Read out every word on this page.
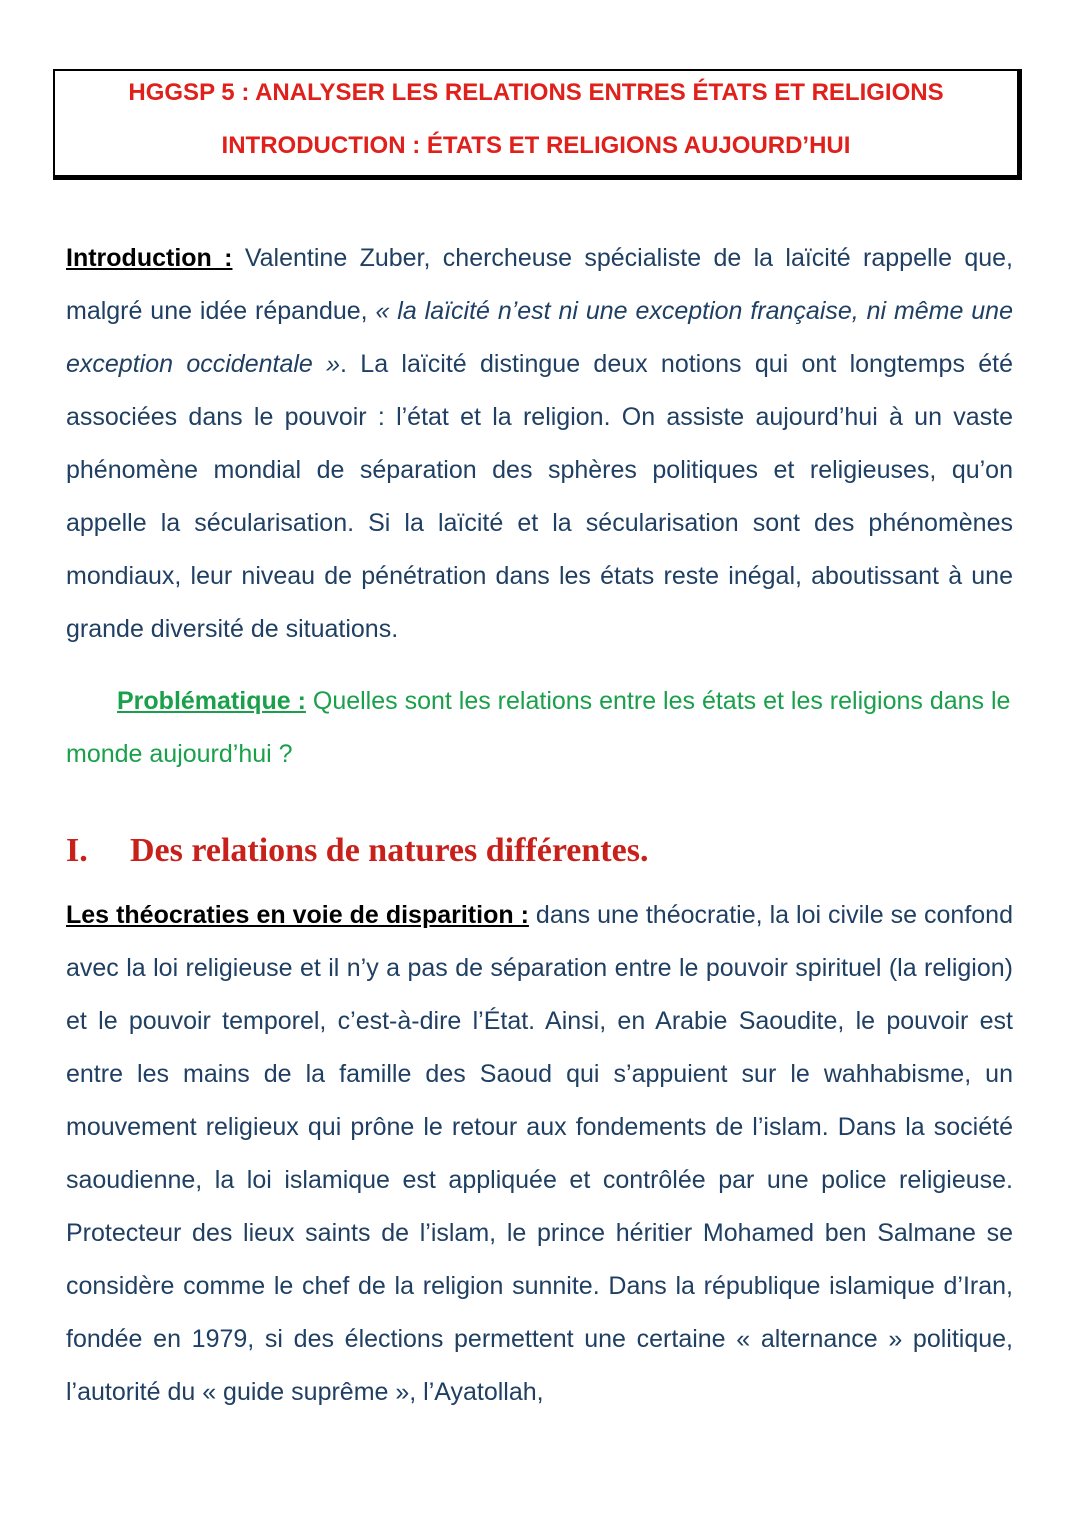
HGGSP 5 : ANALYSER LES RELATIONS ENTRES ÉTATS ET RELIGIONS
INTRODUCTION : ÉTATS ET RELIGIONS AUJOURD’HUI

Introduction : Valentine Zuber, chercheuse spécialiste de la laïcité rappelle que, malgré une idée répandue, « la laïcité n’est ni une exception française, ni même une exception occidentale ». La laïcité distingue deux notions qui ont longtemps été associées dans le pouvoir : l’état et la religion. On assiste aujourd’hui à un vaste phénomène mondial de séparation des sphères politiques et religieuses, qu’on appelle la sécularisation. Si la laïcité et la sécularisation sont des phénomènes mondiaux, leur niveau de pénétration dans les états reste inégal, aboutissant à une grande diversité de situations.

Problématique : Quelles sont les relations entre les états et les religions dans le monde aujourd’hui ?

I. Des relations de natures différentes.

Les théocraties en voie de disparition : dans une théocratie, la loi civile se confond avec la loi religieuse et il n’y a pas de séparation entre le pouvoir spirituel (la religion) et le pouvoir temporel, c’est-à-dire l’État. Ainsi, en Arabie Saoudite, le pouvoir est entre les mains de la famille des Saoud qui s’appuient sur le wahhabisme, un mouvement religieux qui prône le retour aux fondements de l’islam. Dans la société saoudienne, la loi islamique est appliquée et contrôlée par une police religieuse. Protecteur des lieux saints de l’islam, le prince héritier Mohamed ben Salmane se considère comme le chef de la religion sunnite. Dans la république islamique d’Iran, fondée en 1979, si des élections permettent une certaine « alternance » politique, l’autorité du « guide suprême », l’Ayatollah,
